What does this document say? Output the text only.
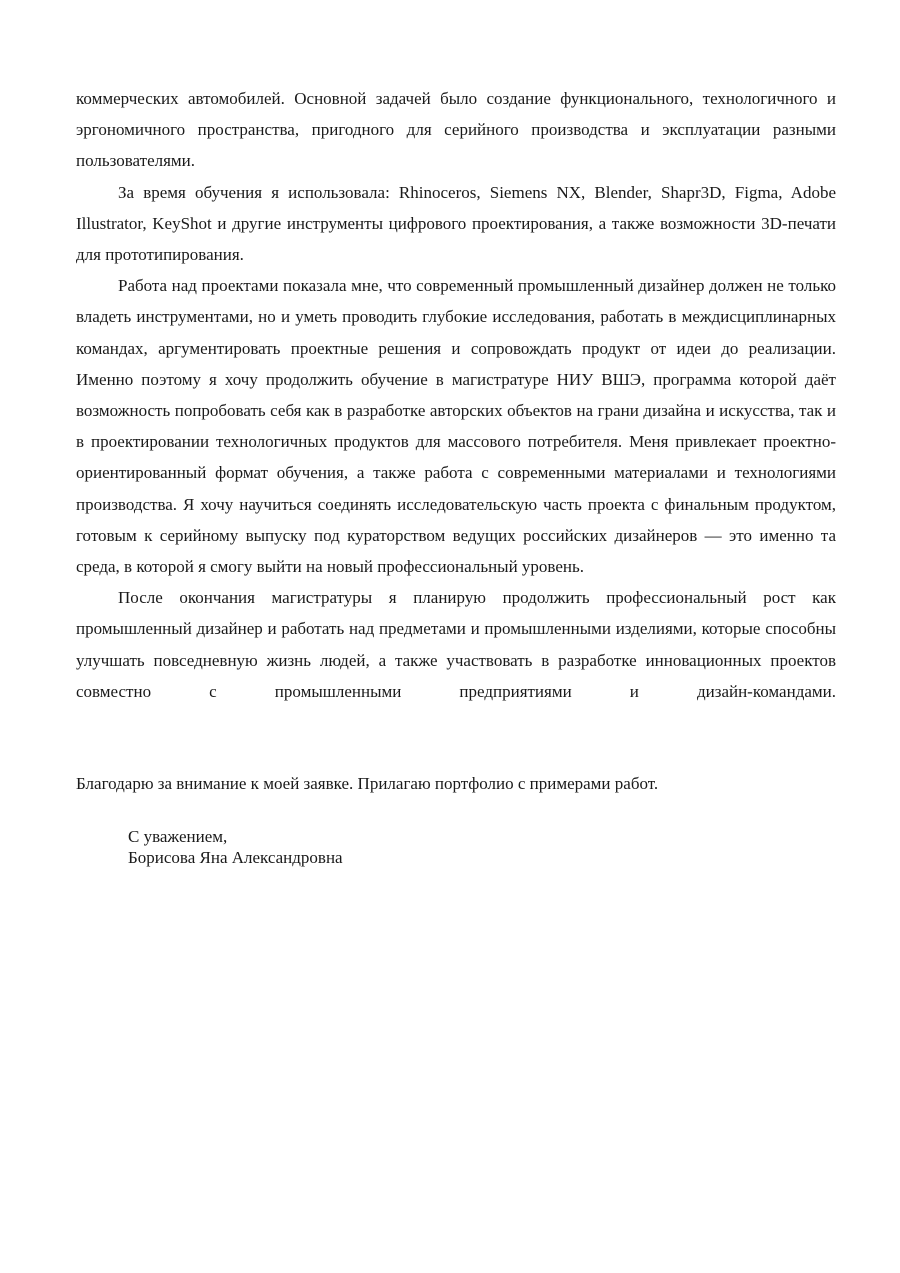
коммерческих автомобилей. Основной задачей было создание функционального, технологичного и эргономичного пространства, пригодного для серийного производства и эксплуатации разными пользователями.

За время обучения я использовала: Rhinoceros, Siemens NX, Blender, Shapr3D, Figma, Adobe Illustrator, KeyShot и другие инструменты цифрового проектирования, а также возможности 3D-печати для прототипирования.

Работа над проектами показала мне, что современный промышленный дизайнер должен не только владеть инструментами, но и уметь проводить глубокие исследования, работать в междисциплинарных командах, аргументировать проектные решения и сопровождать продукт от идеи до реализации. Именно поэтому я хочу продолжить обучение в магистратуре НИУ ВШЭ, программа которой даёт возможность попробовать себя как в разработке авторских объектов на грани дизайна и искусства, так и в проектировании технологичных продуктов для массового потребителя. Меня привлекает проектно-ориентированный формат обучения, а также работа с современными материалами и технологиями производства. Я хочу научиться соединять исследовательскую часть проекта с финальным продуктом, готовым к серийному выпуску под кураторством ведущих российских дизайнеров — это именно та среда, в которой я смогу выйти на новый профессиональный уровень.

После окончания магистратуры я планирую продолжить профессиональный рост как промышленный дизайнер и работать над предметами и промышленными изделиями, которые способны улучшать повседневную жизнь людей, а также участвовать в разработке инновационных проектов совместно с промышленными предприятиями и дизайн-командами.

Благодарю за внимание к моей заявке. Прилагаю портфолио с примерами работ.

С уважением,
Борисова Яна Александровна
